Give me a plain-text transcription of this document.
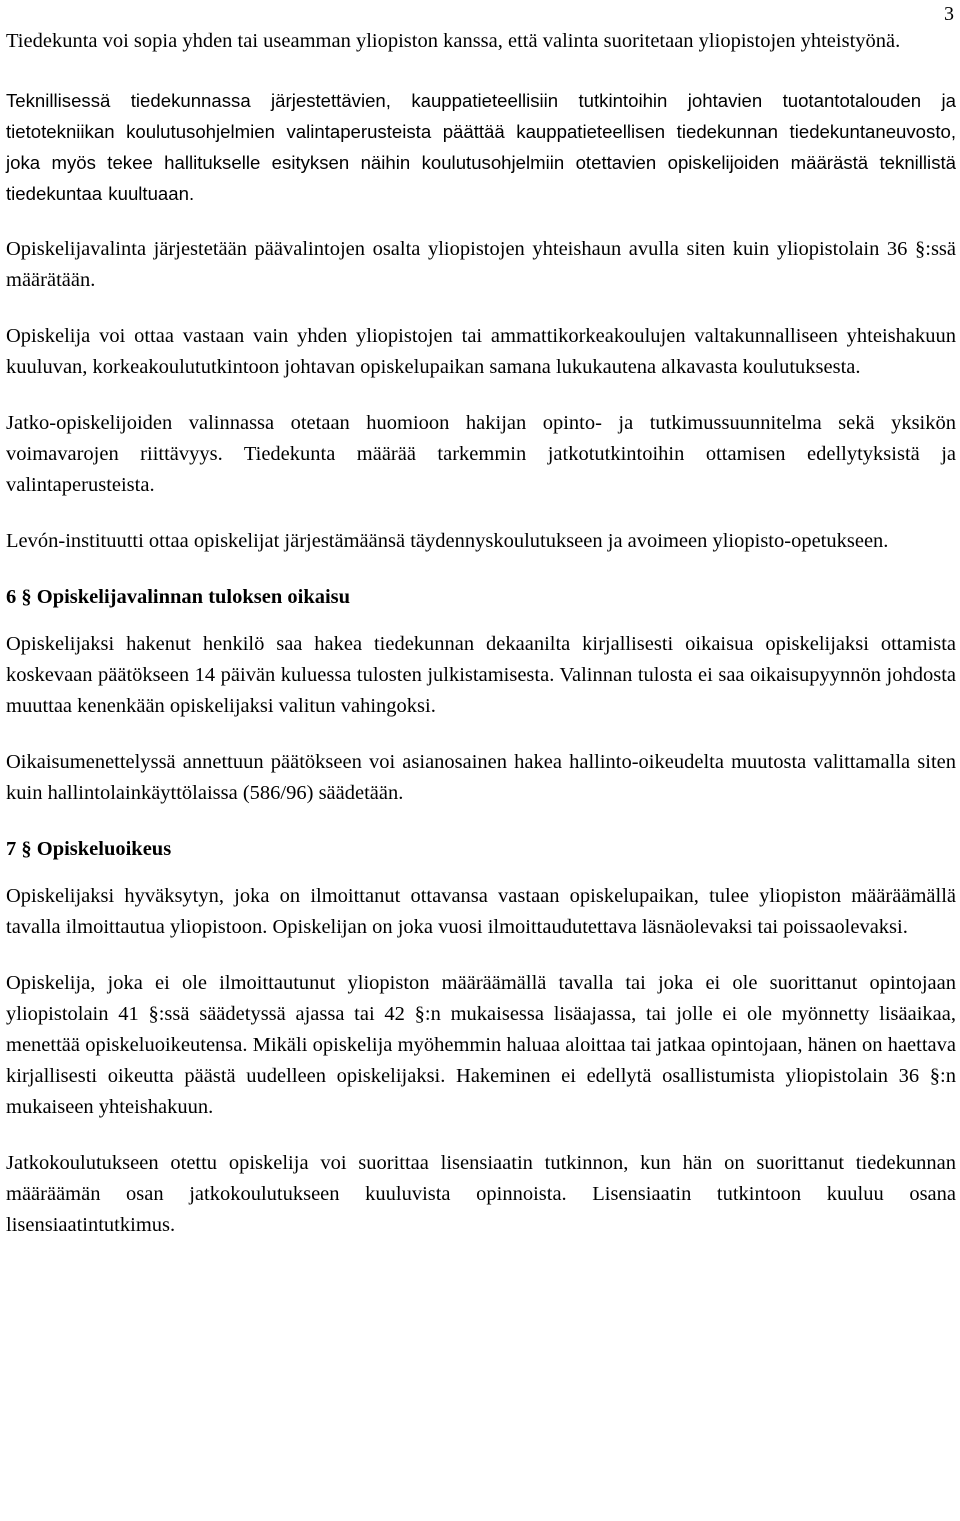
3

Tiedekunta voi sopia yhden tai useamman yliopiston kanssa, että valinta suoritetaan yliopistojen yhteistyönä.

Teknillisessä tiedekunnassa järjestettävien, kauppatieteellisiin tutkintoihin johtavien tuotantotalouden ja tietotekniikan koulutusohjelmien valintaperusteista päättää kauppatieteellisen tiedekunnan tiedekuntaneuvosto, joka myös tekee hallitukselle esityksen näihin koulutusohjelmiin otettavien opiskelijoiden määrästä teknillistä tiedekuntaa kuultuaan.

Opiskelijavalinta järjestetään päävalintojen osalta yliopistojen yhteishaun avulla siten kuin yliopistolain 36 §:ssä määrätään.

Opiskelija voi ottaa vastaan vain yhden yliopistojen tai ammattikorkeakoulujen valtakunnalliseen yhteishakuun kuuluvan, korkeakoulututkintoon johtavan opiskelupaikan samana lukukautena alkavasta koulutuksesta.

Jatko-opiskelijoiden valinnassa otetaan huomioon hakijan opinto- ja tutkimussuunnitelma sekä yksikön voimavarojen riittävyys. Tiedekunta määrää tarkemmin jatkotutkintoihin ottamisen edellytyksistä ja valintaperusteista.

Levón-instituutti ottaa opiskelijat järjestämäänsä täydennyskoulutukseen ja avoimeen yliopisto-opetukseen.

6 § Opiskelijavalinnan tuloksen oikaisu

Opiskelijaksi hakenut henkilö saa hakea tiedekunnan dekaanilta kirjallisesti oikaisua opiskelijaksi ottamista koskevaan päätökseen 14 päivän kuluessa tulosten julkistamisesta. Valinnan tulosta ei saa oikaisupyynnön johdosta muuttaa kenenkään opiskelijaksi valitun vahingoksi.

Oikaisumenettelyssä annettuun päätökseen voi asianosainen hakea hallinto-oikeudelta muutosta valittamalla siten kuin hallintolainkäyttölaissa (586/96) säädetään.

7 § Opiskeluoikeus

Opiskelijaksi hyväksytyn, joka on ilmoittanut ottavansa vastaan opiskelupaikan, tulee yliopiston määräämällä tavalla ilmoittautua yliopistoon. Opiskelijan on joka vuosi ilmoittaudutettava läsnäolevaksi tai poissaolevaksi.

Opiskelija, joka ei ole ilmoittautunut yliopiston määräämällä tavalla tai joka ei ole suorittanut opintojaan yliopistolain 41 §:ssä säädetyssä ajassa tai 42 §:n mukaisessa lisäajassa, tai jolle ei ole myönnetty lisäaikaa, menettää opiskeluoikeutensa. Mikäli opiskelija myöhemmin haluaa aloittaa tai jatkaa opintojaan, hänen on haettava kirjallisesti oikeutta päästä uudelleen opiskelijaksi. Hakeminen ei edellytä osallistumista yliopistolain 36 §:n mukaiseen yhteishakuun.

Jatkokoulutukseen otettu opiskelija voi suorittaa lisensiaatin tutkinnon, kun hän on suorittanut tiedekunnan määräämän osan jatkokoulutukseen kuuluvista opinnoista. Lisensiaatin tutkintoon kuuluu osana lisensiaatintutkimus.
